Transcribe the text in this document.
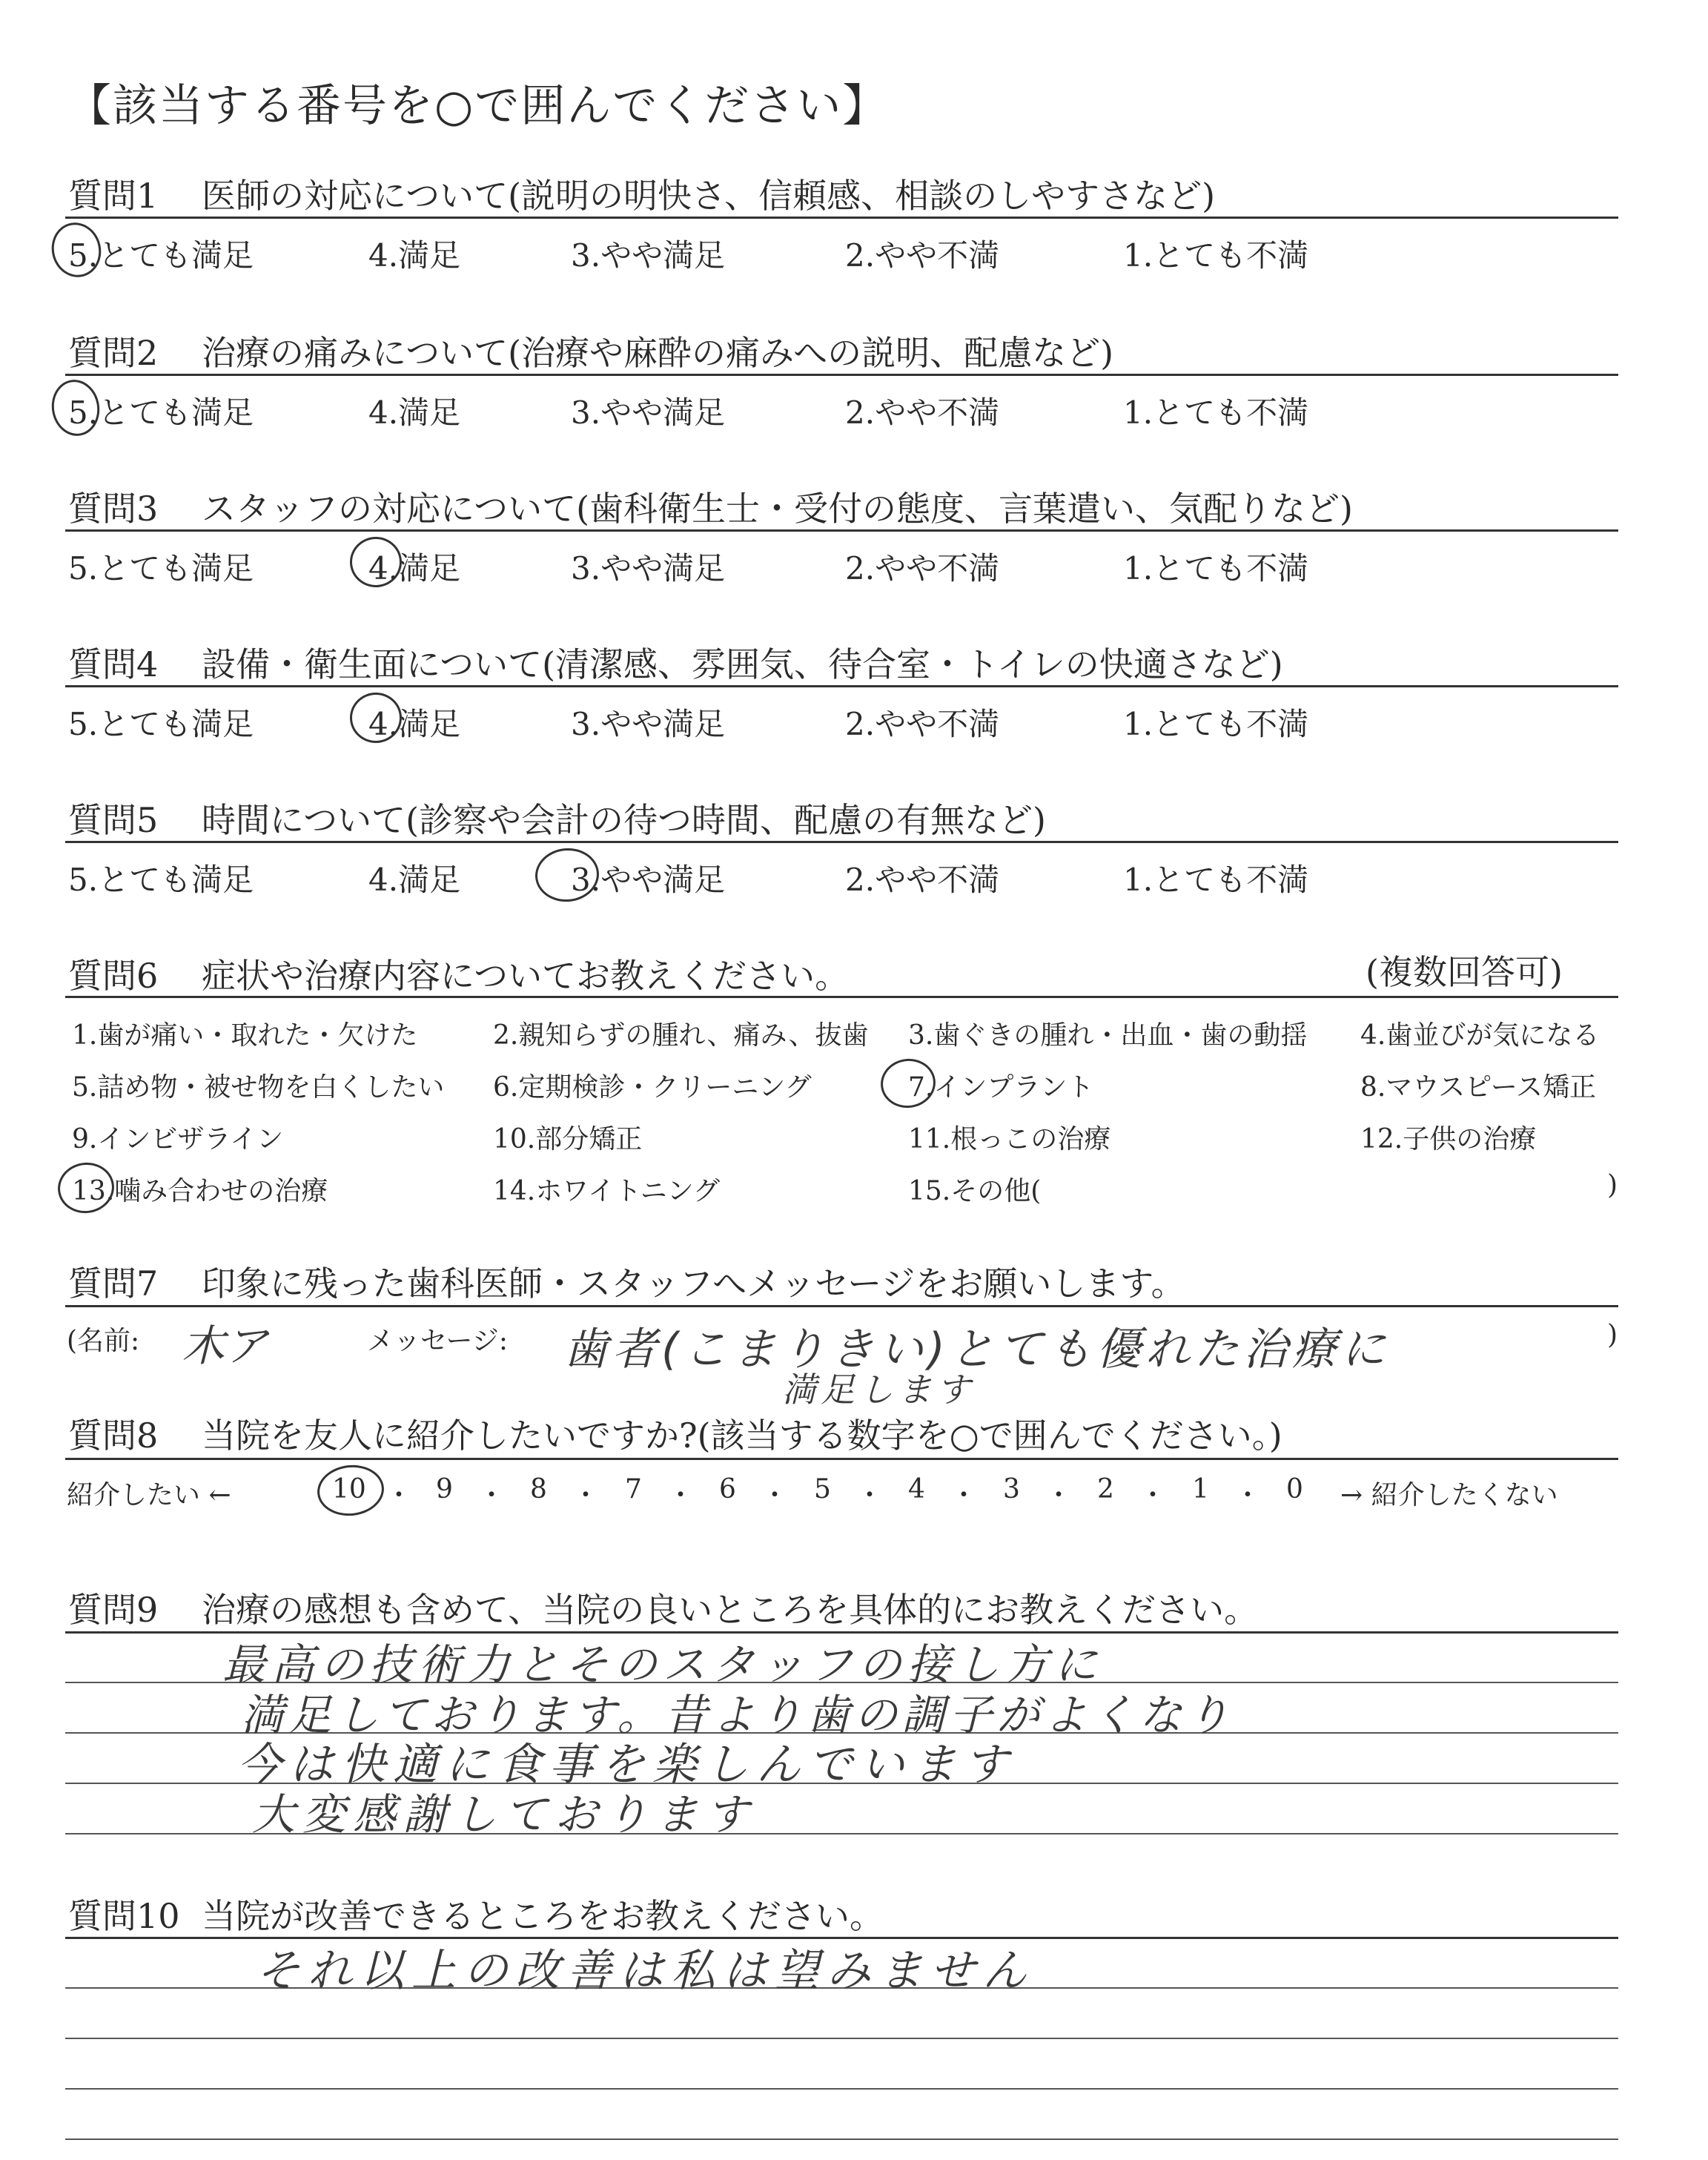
【該当する番号を○で囲んでください】
質問1 医師の対応について(説明の明快さ、信頼感、相談のしやすさなど)
5.とても満足	4.満足	3.やや満足	2.やや不満	1.とても不満
質問2 治療の痛みについて(治療や麻酔の痛みへの説明、配慮など)
5.とても満足	4.満足	3.やや満足	2.やや不満	1.とても不満
質問3 スタッフの対応について(歯科衛生士・受付の態度、言葉遣い、気配りなど)
5.とても満足	4.満足	3.やや満足	2.やや不満	1.とても不満
質問4 設備・衛生面について(清潔感、雰囲気、待合室・トイレの快適さなど)
5.とても満足	4.満足	3.やや満足	2.やや不満	1.とても不満
質問5 時間について(診察や会計の待つ時間、配慮の有無など)
5.とても満足	4.満足	3.やや満足	2.やや不満	1.とても不満
質問6 症状や治療内容についてお教えください。	(複数回答可)
1.歯が痛い・取れた・欠けた	2.親知らずの腫れ、痛み、抜歯 3.歯ぐきの腫れ・出血・歯の動揺 4.歯並びが気になる
5.詰め物・被せ物を白くしたい 6.定期検診・クリーニング	7.インプラント	8.マウスピース矯正
9.インビザライン	10.部分矯正	11.根っこの治療	12.子供の治療
13.噛み合わせの治療	14.ホワイトニング	15.その他(	)
質問7 印象に残った歯科医師・スタッフへメッセージをお願いします。
(名前: 木ア	メッセージ: 歯者(こまりきい)とても優れた治療に
満足します
)
質問8 当院を友人に紹介したいですか?(該当する数字を○で囲んでください。)
紹介したい ←	10 ・ 9 ・ 8 ・ 7 ・ 6 ・ 5 ・ 4 ・ 3 ・ 2 ・ 1 ・ 0 → 紹介したくない
質問9 治療の感想も含めて、当院の良いところを具体的にお教えください。
最高の技術力とそのスタッフの接し方に
満足しております。昔より歯の調子がよくなり
今は快適に食事を楽しんでいます
大変感謝しております
質問10 当院が改善できるところをお教えください。
それ以上の改善は私は望みません
